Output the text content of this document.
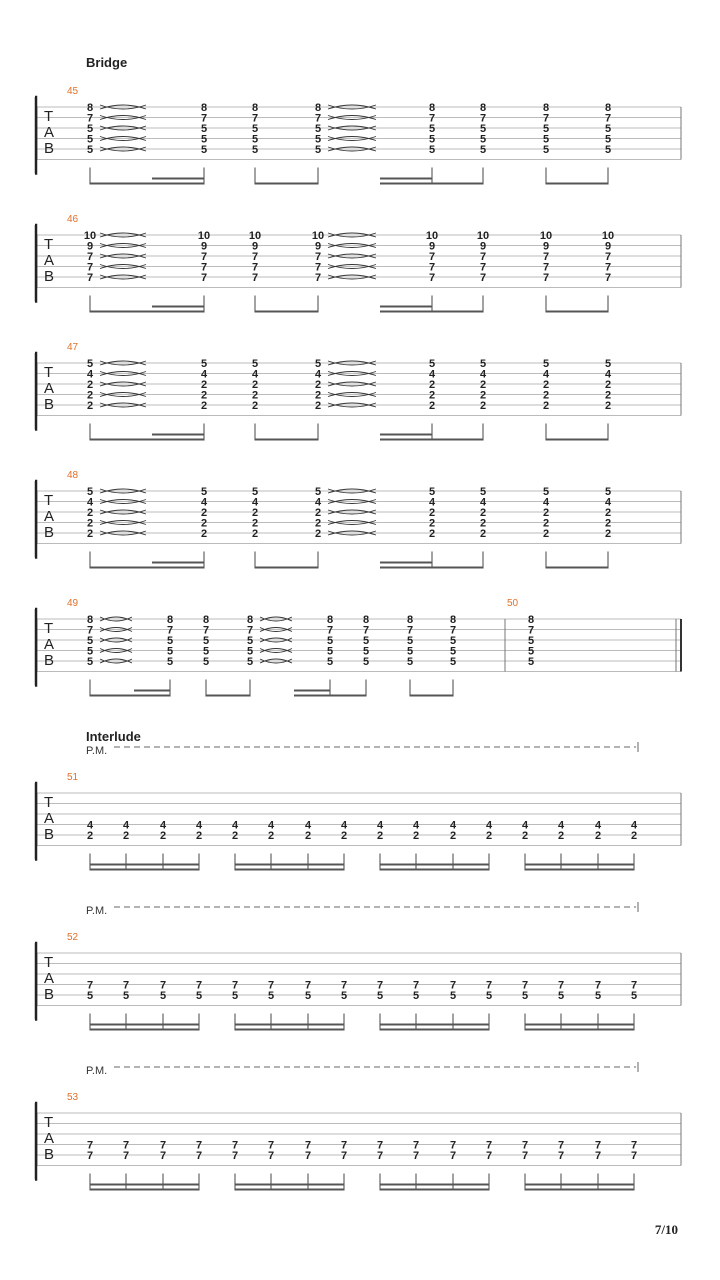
Bridge
Interlude
45
46
47
48
49	50
51
52
53
P.M.
P.M.
P.M.
T
A
B
8
7
5
5
5
8
7
5
5
5
8
7
5
5
5
8
7
5
5
5
8
7
5
5
5
8
7
5
5
5
8
7
5
5
5
8
7
5
5
5
T
A
B
10
9
7
7
7
10
9
7
7
7
10
9
7
7
7
10
9
7
7
7
10
9
7
7
7
10
9
7
7
7
10
9
7
7
7
10
9
7
7
7
T
A
B
5
4
2
2
2
5
4
2
2
2
5
4
2
2
2
5
4
2
2
2
5
4
2
2
2
5
4
2
2
2
5
4
2
2
2
5
4
2
2
2
T
A
B
5
4
2
2
2
5
4
2
2
2
5
4
2
2
2
5
4
2
2
2
5
4
2
2
2
5
4
2
2
2
5
4
2
2
2
5
4
2
2
2
T
A
B
8
7
5
5
5
8
7
5
5
5
8
7
5
5
5
8
7
5
5
5
8
7
5
5
5
8
7
5
5
5
8
7
5
5
5
8
7
5
5
5
8
7
5
5
5
T
A
B
4
2
4
2
4
2
4
2
4
2
4
2
4
2
4
2
4
2
4
2
4
2
4
2
4
2
4
2
4
2
4
2
T
A
B
7
5
7
5
7
5
7
5
7
5
7
5
7
5
7
5
7
5
7
5
7
5
7
5
7
5
7
5
7
5
7
5
T
A
B
7
7
7
7
7
7
7
7
7
7
7
7
7
7
7
7
7
7
7
7
7
7
7
7
7
7
7
7
7
7
7
7
7/10
